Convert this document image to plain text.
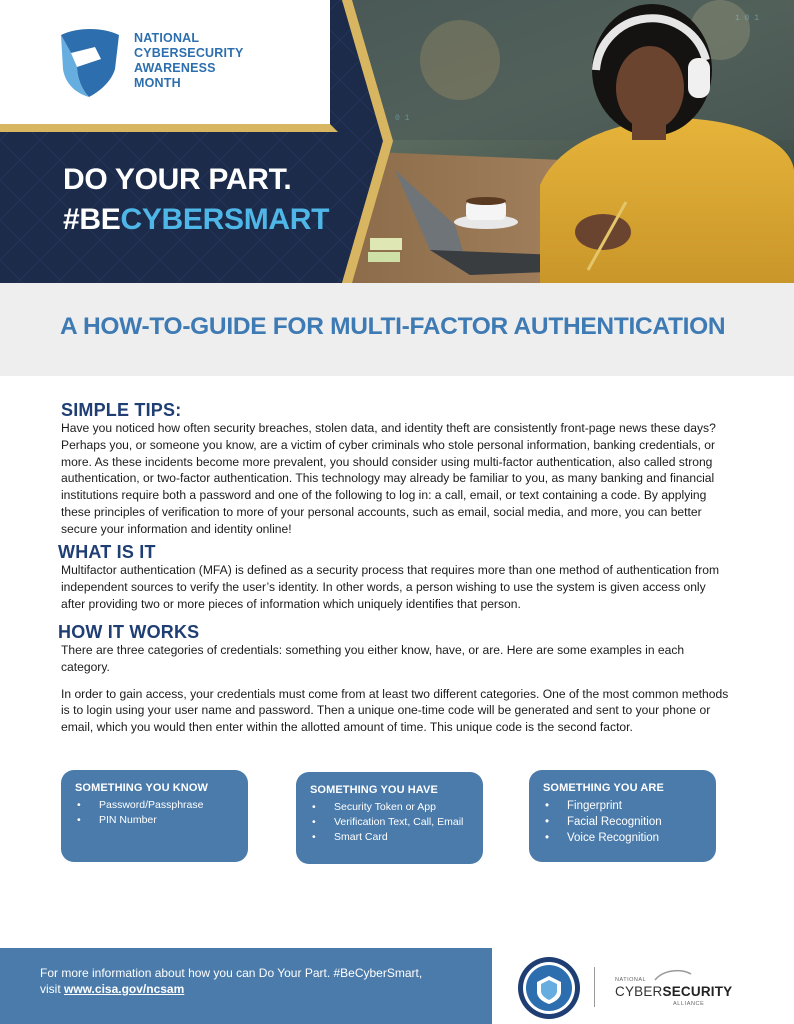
1 0 1
0 1
NATIONAL
CYBERSECURITY
AWARENESS
MONTH
DO YOUR PART.
#BECYBERSMART
A HOW-TO-GUIDE FOR MULTI-FACTOR AUTHENTICATION
SIMPLE TIPS:

Have you noticed how often security breaches, stolen data, and identity theft are consistently front-page news these days? Perhaps you, or someone you know, are a victim of cyber criminals who stole personal information, banking credentials, or more. As these incidents become more prevalent, you should consider using multi-factor authentication, also called strong authentication, or two-factor authentication. This technology may already be familiar to you, as many banking and financial institutions require both a password and one of the following to log in: a call, email, or text containing a code. By applying these principles of verification to more of your personal accounts, such as email, social media, and more, you can better secure your information and identity online!

WHAT IS IT

Multifactor authentication (MFA) is defined as a security process that requires more than one method of authentication from independent sources to verify the user’s identity. In other words, a person wishing to use the system is given access only after providing two or more pieces of information which uniquely identifies that person.

HOW IT WORKS

There are three categories of credentials: something you either know, have, or are. Here are some examples in each category.

In order to gain access, your credentials must come from at least two different categories. One of the most common methods is to login using your user name and password. Then a unique one-time code will be generated and sent to your phone or email, which you would then enter within the allotted amount of time. This unique code is the second factor.

SOMETHING YOU KNOW
• Password/Passphrase
• PIN Number
SOMETHING YOU HAVE
• Security Token or App
• Verification Text, Call, Email
• Smart Card
SOMETHING YOU ARE
• Fingerprint
• Facial Recognition
• Voice Recognition
For more information about how you can Do Your Part. #BeCyberSmart,
visit www.cisa.gov/ncsam
NATIONAL
CYBERSECURITY
ALLIANCE
